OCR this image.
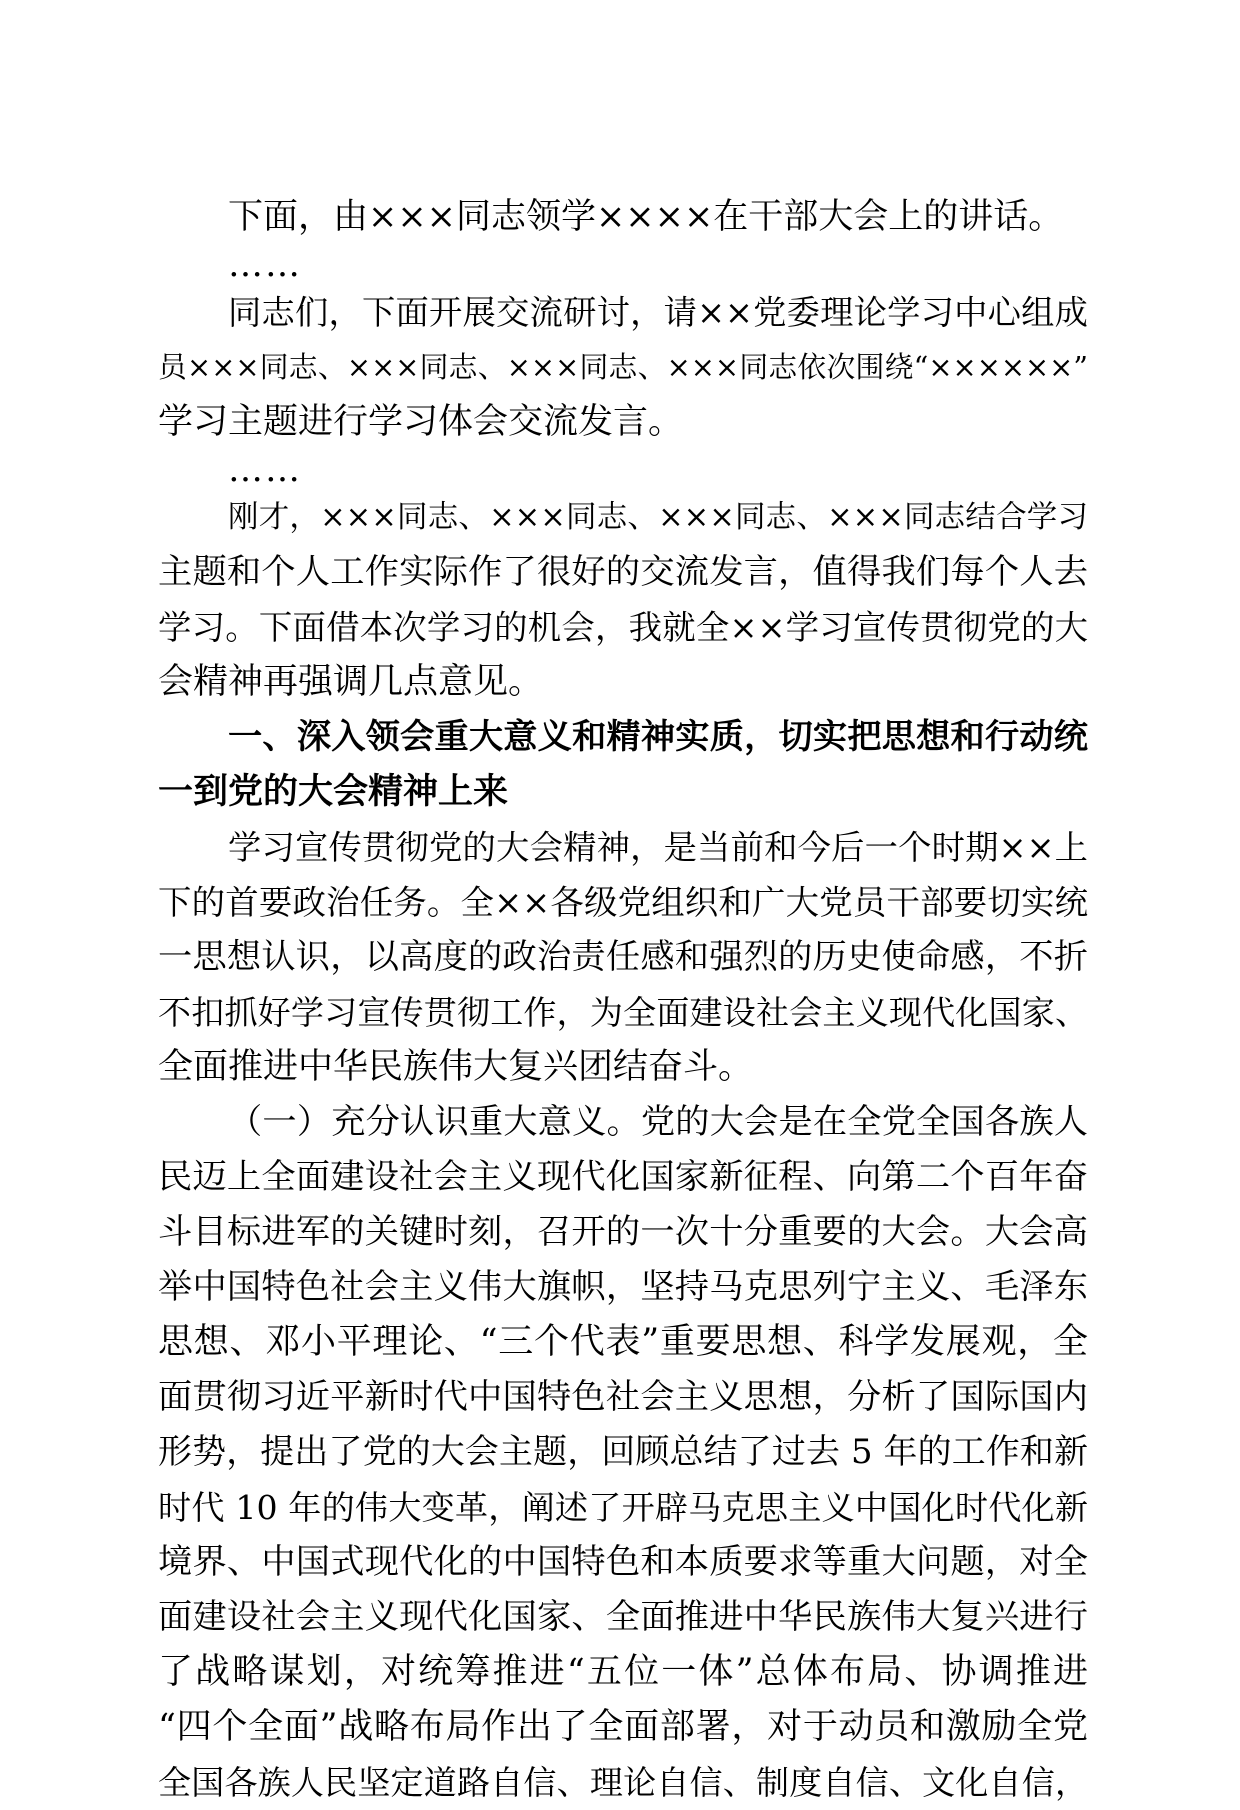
下面，由×××同志领学××××在干部大会上的讲话。
……
同志们，下面开展交流研讨，请××党委理论学习中心组成
员×××同志、×××同志、×××同志、×××同志依次围绕“××××××”
学习主题进行学习体会交流发言。
……
刚才，×××同志、×××同志、×××同志、×××同志结合学习
主题和个人工作实际作了很好的交流发言，值得我们每个人去
学习。下面借本次学习的机会，我就全××学习宣传贯彻党的大
会精神再强调几点意见。
一、深入领会重大意义和精神实质，切实把思想和行动统
一到党的大会精神上来
学习宣传贯彻党的大会精神，是当前和今后一个时期××上
下的首要政治任务。全××各级党组织和广大党员干部要切实统
一思想认识，以高度的政治责任感和强烈的历史使命感，不折
不扣抓好学习宣传贯彻工作，为全面建设社会主义现代化国家、
全面推进中华民族伟大复兴团结奋斗。
（一）充分认识重大意义。党的大会是在全党全国各族人
民迈上全面建设社会主义现代化国家新征程、向第二个百年奋
斗目标进军的关键时刻，召开的一次十分重要的大会。大会高
举中国特色社会主义伟大旗帜，坚持马克思列宁主义、毛泽东
思想、邓小平理论、“三个代表”重要思想、科学发展观，全
面贯彻习近平新时代中国特色社会主义思想，分析了国际国内
形势，提出了党的大会主题，回顾总结了过去 5 年的工作和新
时代 10 年的伟大变革，阐述了开辟马克思主义中国化时代化新
境界、中国式现代化的中国特色和本质要求等重大问题，对全
面建设社会主义现代化国家、全面推进中华民族伟大复兴进行
了战略谋划，对统筹推进“五位一体”总体布局、协调推进
“四个全面”战略布局作出了全面部署，对于动员和激励全党
全国各族人民坚定道路自信、理论自信、制度自信、文化自信，
